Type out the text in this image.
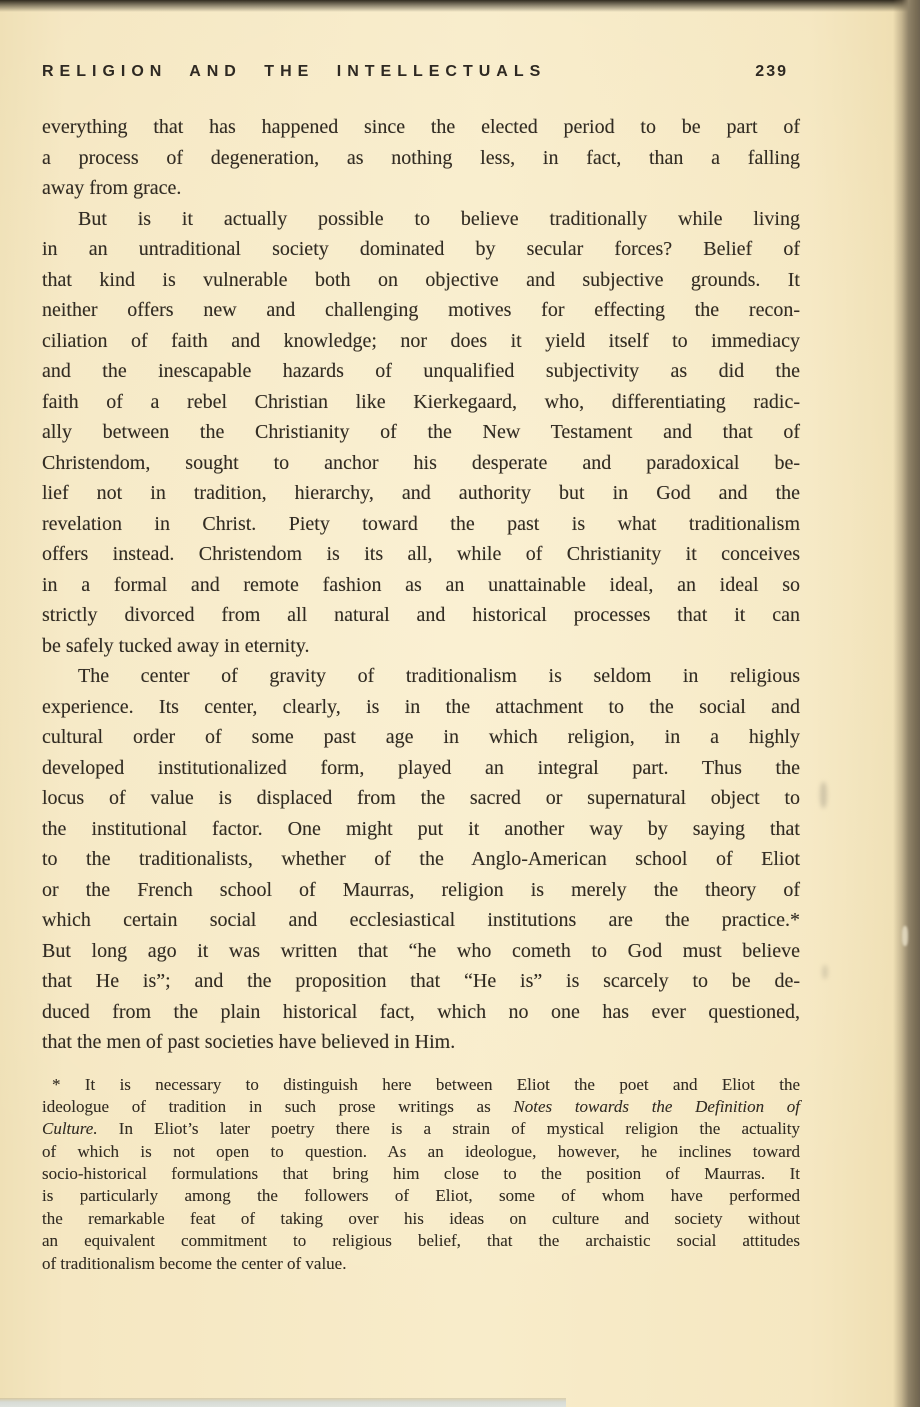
RELIGION AND THE INTELLECTUALS	239
everything that has happened since the elected period to be part of
a process of degeneration, as nothing less, in fact, than a falling
away from grace.
But is it actually possible to believe traditionally while living
in an untraditional society dominated by secular forces? Belief of
that kind is vulnerable both on objective and subjective grounds. It
neither offers new and challenging motives for effecting the recon-
ciliation of faith and knowledge; nor does it yield itself to immediacy
and the inescapable hazards of unqualified subjectivity as did the
faith of a rebel Christian like Kierkegaard, who, differentiating radic-
ally between the Christianity of the New Testament and that of
Christendom, sought to anchor his desperate and paradoxical be-
lief not in tradition, hierarchy, and authority but in God and the
revelation in Christ. Piety toward the past is what traditionalism
offers instead. Christendom is its all, while of Christianity it conceives
in a formal and remote fashion as an unattainable ideal, an ideal so
strictly divorced from all natural and historical processes that it can
be safely tucked away in eternity.
The center of gravity of traditionalism is seldom in religious
experience. Its center, clearly, is in the attachment to the social and
cultural order of some past age in which religion, in a highly
developed institutionalized form, played an integral part. Thus the
locus of value is displaced from the sacred or supernatural object to
the institutional factor. One might put it another way by saying that
to the traditionalists, whether of the Anglo-American school of Eliot
or the French school of Maurras, religion is merely the theory of
which certain social and ecclesiastical institutions are the practice.*
But long ago it was written that “he who cometh to God must believe
that He is”; and the proposition that “He is” is scarcely to be de-
duced from the plain historical fact, which no one has ever questioned,
that the men of past societies have believed in Him.
* It is necessary to distinguish here between Eliot the poet and Eliot the
ideologue of tradition in such prose writings as Notes towards the Definition of
Culture. In Eliot’s later poetry there is a strain of mystical religion the actuality
of which is not open to question. As an ideologue, however, he inclines toward
socio-historical formulations that bring him close to the position of Maurras. It
is particularly among the followers of Eliot, some of whom have performed
the remarkable feat of taking over his ideas on culture and society without
an equivalent commitment to religious belief, that the archaistic social attitudes
of traditionalism become the center of value.
